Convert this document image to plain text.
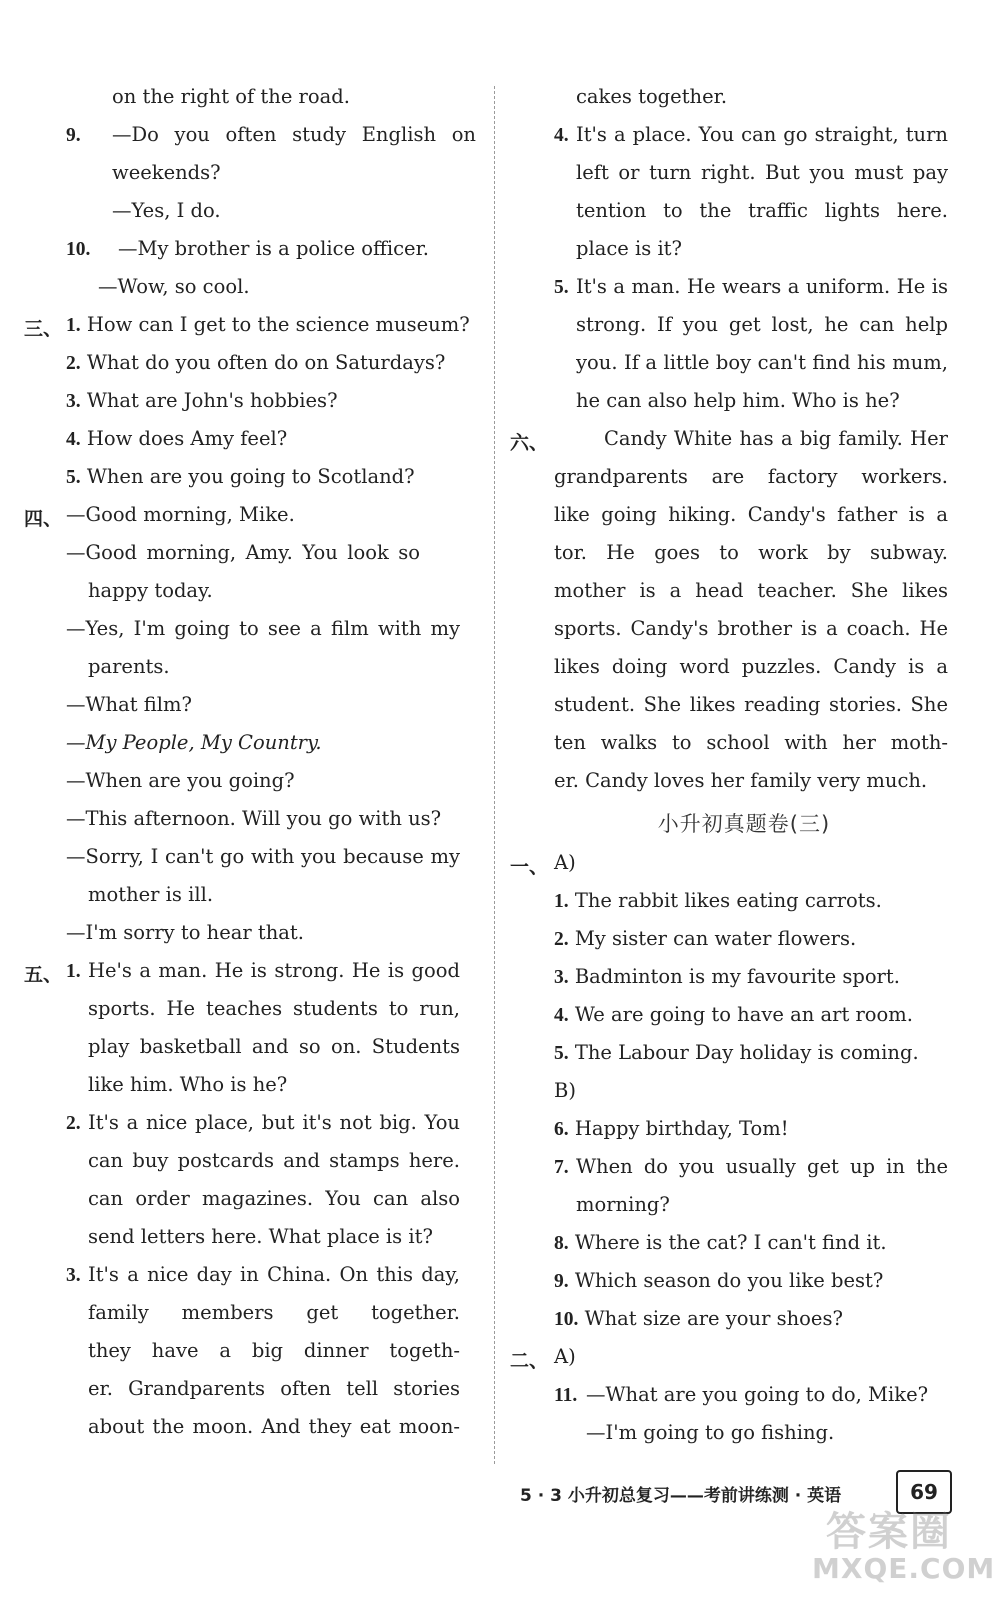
on the right of the road.
9. —Do you often study English on
weekends?
—Yes, I do.
10. —My brother is a police officer.
—Wow, so cool.
三、 1. How can I get to the science museum?
2. What do you often do on Saturdays?
3. What are John's hobbies?
4. How does Amy feel?
5. When are you going to Scotland?
四、 —Good morning, Mike.
—Good morning, Amy. You look so
happy today.
—Yes, I'm going to see a film with my
parents.
—What film?
—My People, My Country.
—When are you going?
—This afternoon. Will you go with us?
—Sorry, I can't go with you because my
mother is ill.
—I'm sorry to hear that.
五、 1. He's a man. He is strong. He is good
sports. He teaches students to run,
play basketball and so on. Students
like him. Who is he?
2. It's a nice place, but it's not big. You
can buy postcards and stamps here.
can order magazines. You can also
send letters here. What place is it?
3. It's a nice day in China. On this day,
family members get together.
they have a big dinner togeth-
er. Grandparents often tell stories
about the moon. And they eat moon-
cakes together.
4. It's a place. You can go straight, turn
left or turn right. But you must pay
tention to the traffic lights here.
place is it?
5. It's a man. He wears a uniform. He is
strong. If you get lost, he can help
you. If a little boy can't find his mum,
he can also help him. Who is he?
六、	Candy White has a big family. Her
grandparents are factory workers.
like going hiking. Candy's father is a
tor. He goes to work by subway.
mother is a head teacher. She likes
sports. Candy's brother is a coach. He
likes doing word puzzles. Candy is a
student. She likes reading stories. She
ten walks to school with her moth-
er. Candy loves her family very much.
小升初真题卷(三)
一、 A)
1. The rabbit likes eating carrots.
2. My sister can water flowers.
3. Badminton is my favourite sport.
4. We are going to have an art room.
5. The Labour Day holiday is coming.
B)
6. Happy birthday, Tom!
7. When do you usually get up in the
morning?
8. Where is the cat? I can't find it.
9. Which season do you like best?
10. What size are your shoes?
二、 A)
11. —What are you going to do, Mike?
—I'm going to go fishing.
5 · 3 小升初总复习——考前讲练测 · 英语	69
答案圈
MXQE.COM
